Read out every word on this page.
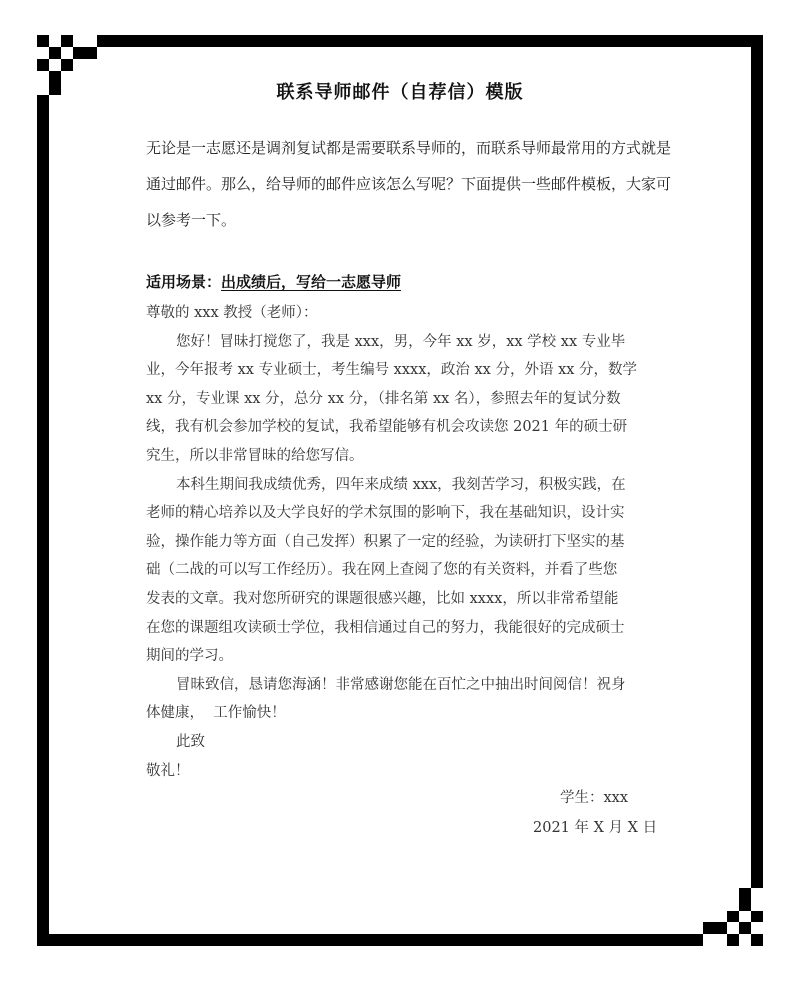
联系导师邮件（自荐信）模版
无论是一志愿还是调剂复试都是需要联系导师的，而联系导师最常用的方式就是
通过邮件。那么，给导师的邮件应该怎么写呢？下面提供一些邮件模板，大家可
以参考一下。
适用场景：出成绩后，写给一志愿导师
尊敬的 xxx 教授（老师）：
您好！冒昧打搅您了，我是 xxx，男，今年 xx 岁，xx 学校 xx 专业毕
业，今年报考 xx 专业硕士，考生编号 xxxx，政治 xx 分，外语 xx 分，数学
xx 分，专业课 xx 分，总分 xx 分，（排名第 xx 名），参照去年的复试分数
线，我有机会参加学校的复试，我希望能够有机会攻读您 2021 年的硕士研
究生，所以非常冒昧的给您写信。
本科生期间我成绩优秀，四年来成绩 xxx，我刻苦学习，积极实践，在
老师的精心培养以及大学良好的学术氛围的影响下，我在基础知识，设计实
验，操作能力等方面（自己发挥）积累了一定的经验，为读研打下坚实的基
础（二战的可以写工作经历）。我在网上查阅了您的有关资料，并看了些您
发表的文章。我对您所研究的课题很感兴趣，比如 xxxx，所以非常希望能
在您的课题组攻读硕士学位，我相信通过自己的努力，我能很好的完成硕士
期间的学习。
冒昧致信，恳请您海涵！非常感谢您能在百忙之中抽出时间阅信！祝身
体健康，  工作愉快！
此致
敬礼！
学生：xxx
2021 年 X 月 X 日
